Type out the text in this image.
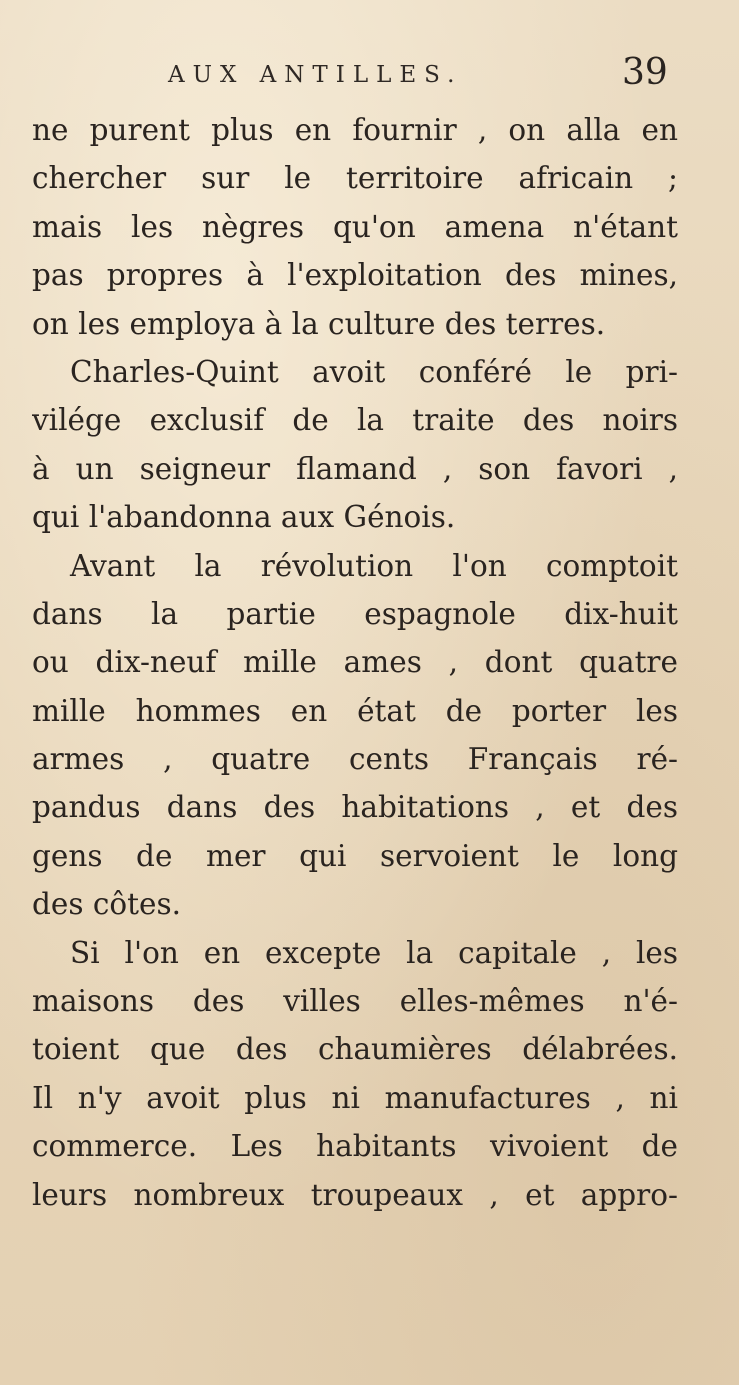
AUX ANTILLES.	39
ne purent plus en fournir , on alla en
chercher sur le territoire africain ;
mais les nègres qu'on amena n'étant
pas propres à l'exploitation des mines,
on les employa à la culture des terres.
Charles-Quint avoit conféré le pri-
vilége exclusif de la traite des noirs
à un seigneur flamand , son favori ,
qui l'abandonna aux Génois.
Avant la révolution l'on comptoit
dans la partie espagnole dix-huit
ou dix-neuf mille ames , dont quatre
mille hommes en état de porter les
armes , quatre cents Français ré-
pandus dans des habitations , et des
gens de mer qui servoient le long
des côtes.
Si l'on en excepte la capitale , les
maisons des villes elles-mêmes n'é-
toient que des chaumières délabrées.
Il n'y avoit plus ni manufactures , ni
commerce. Les habitants vivoient de
leurs nombreux troupeaux , et appro-
